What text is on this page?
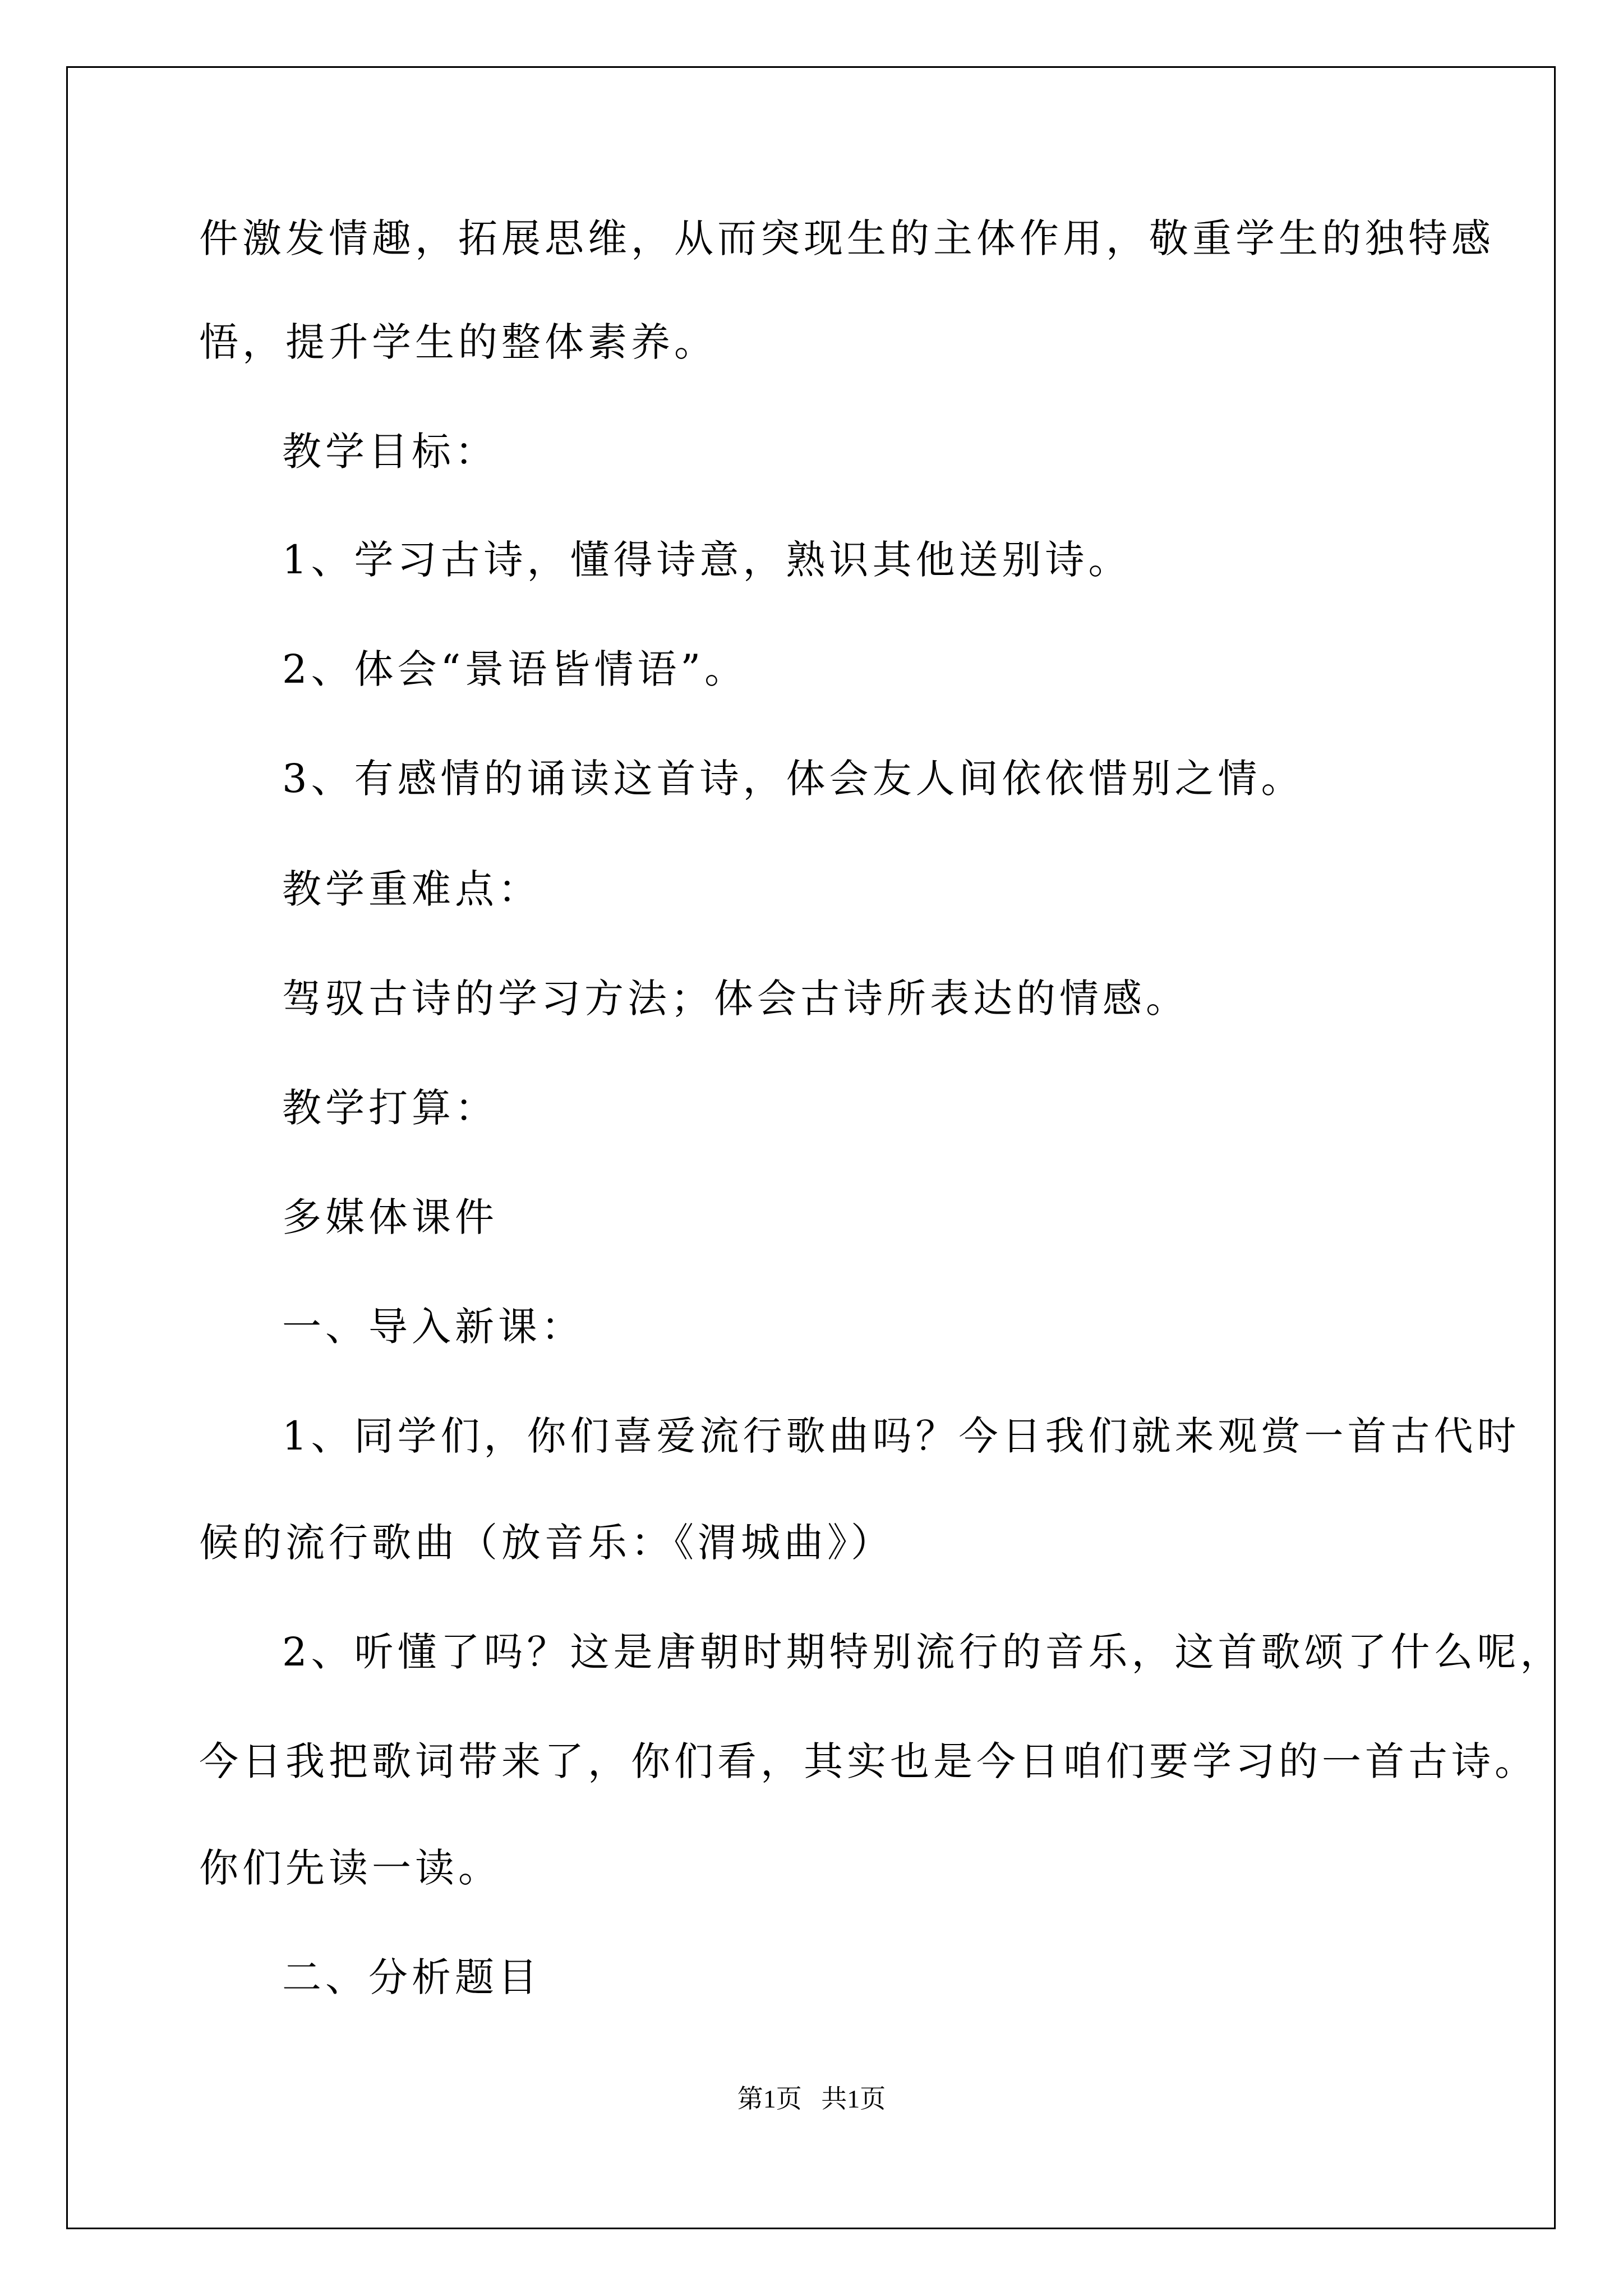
件激发情趣，拓展思维，从而突现生的主体作用，敬重学生的独特感
悟，提升学生的整体素养。
教学目标：
1、学习古诗，懂得诗意，熟识其他送别诗。
2、体会“景语皆情语”。
3、有感情的诵读这首诗，体会友人间依依惜别之情。
教学重难点：
驾驭古诗的学习方法；体会古诗所表达的情感。
教学打算：
多媒体课件
一、导入新课：
1、同学们，你们喜爱流行歌曲吗？今日我们就来观赏一首古代时
候的流行歌曲（放音乐：《渭城曲》）
2、听懂了吗？这是唐朝时期特别流行的音乐，这首歌颂了什么呢，
今日我把歌词带来了，你们看，其实也是今日咱们要学习的一首古诗。
你们先读一读。
二、分析题目
第1页   共1页
